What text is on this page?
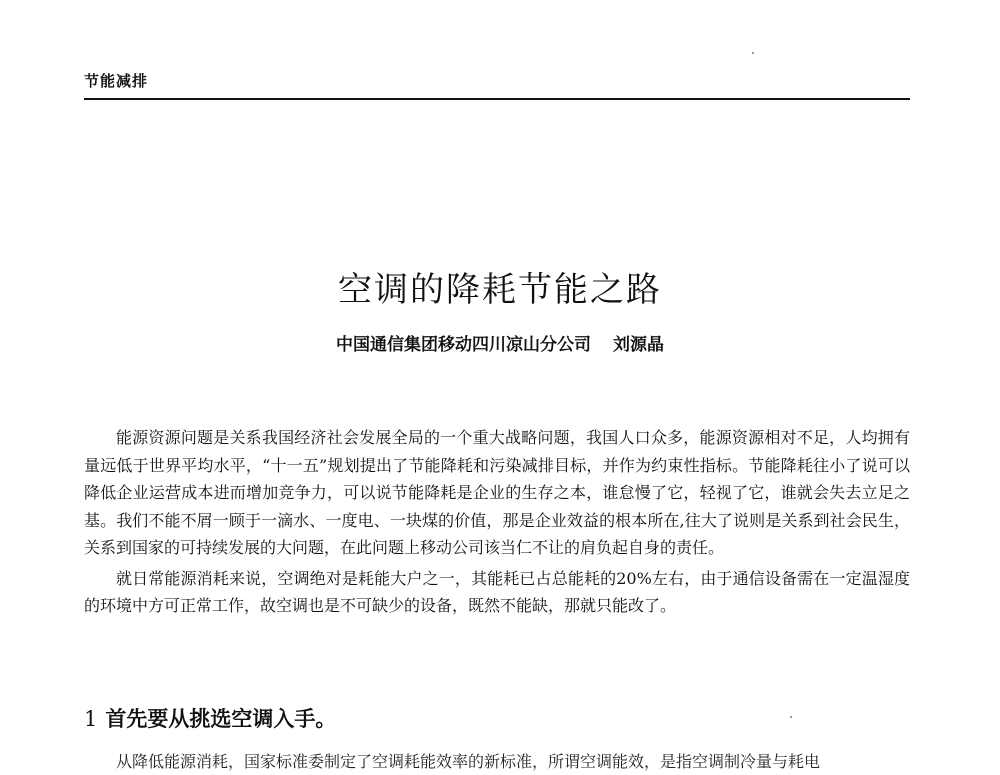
节能减排
空调的降耗节能之路
中国通信集团移动四川凉山分公司 刘源晶

能源资源问题是关系我国经济社会发展全局的一个重大战略问题，我国人口众多，能源资源相对不足，人均拥有量远低于世界平均水平，“十一五”规划提出了节能降耗和污染减排目标，并作为约束性指标。节能降耗往小了说可以降低企业运营成本进而增加竞争力，可以说节能降耗是企业的生存之本，谁怠慢了它，轻视了它，谁就会失去立足之基。我们不能不屑一顾于一滴水、一度电、一块煤的价值，那是企业效益的根本所在,往大了说则是关系到社会民生，关系到国家的可持续发展的大问题，在此问题上移动公司该当仁不让的肩负起自身的责任。

就日常能源消耗来说，空调绝对是耗能大户之一，其能耗已占总能耗的20%左右，由于通信设备需在一定温湿度的环境中方可正常工作，故空调也是不可缺少的设备，既然不能缺，那就只能改了。

1 首先要从挑选空调入手。
从降低能源消耗，国家标准委制定了空调耗能效率的新标准，所谓空调能效，是指空调制冷量与耗电
